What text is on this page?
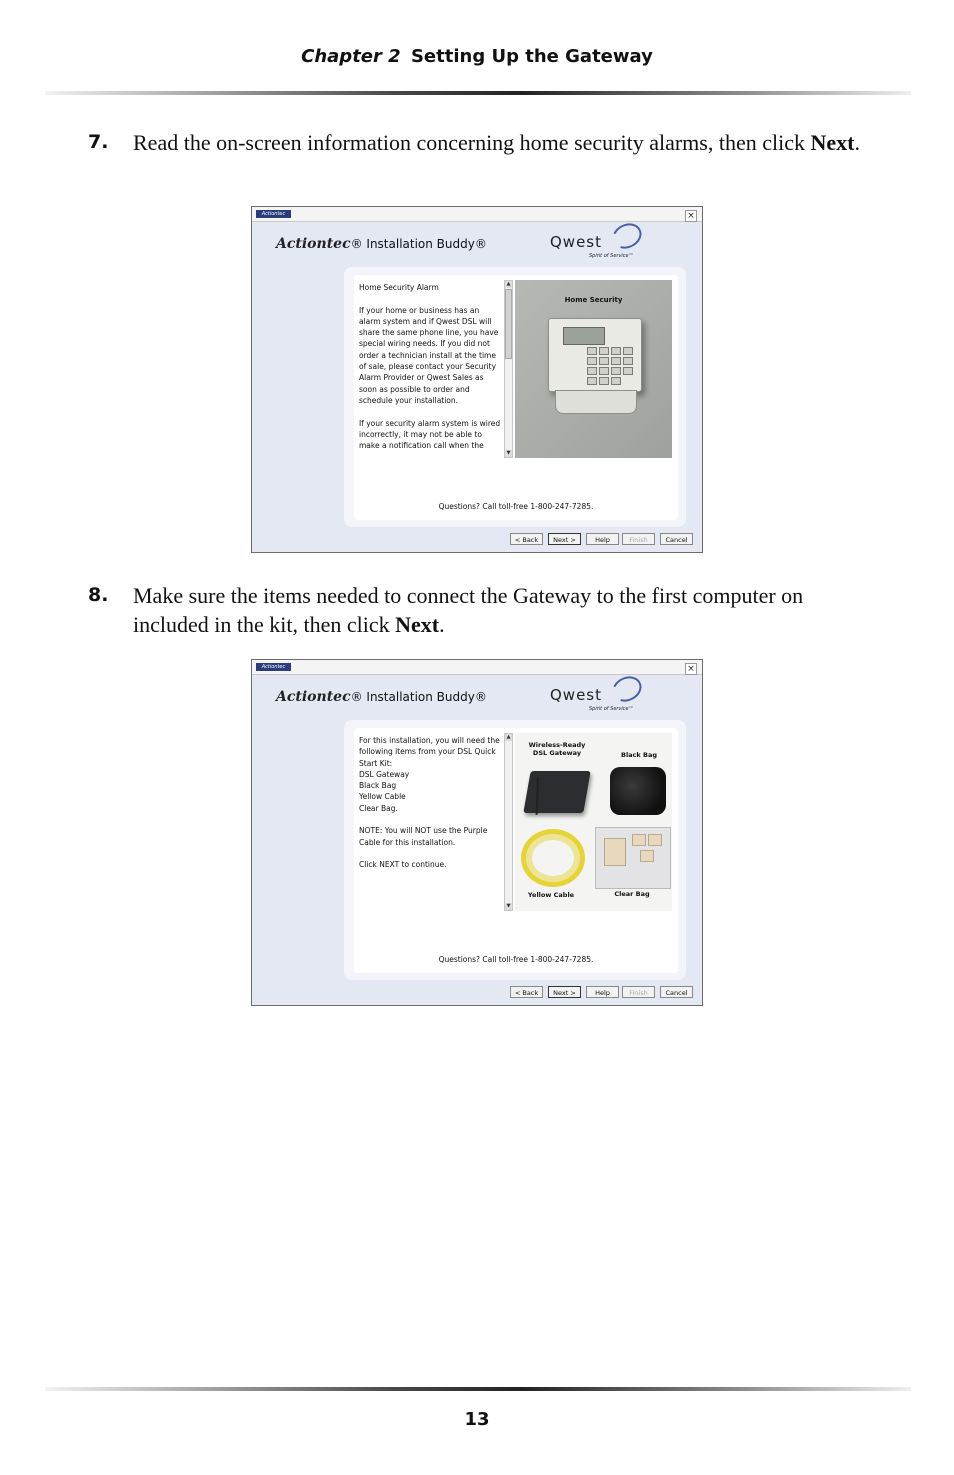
Chapter 2 Setting Up the Gateway
7. Read the on-screen information concerning home security alarms, then click Next.
Actiontec	×
Actiontec® Installation Buddy®	Qwest
Spirit of Service™
Home Security Alarm

If your home or business has an alarm system and if Qwest DSL will share the same phone line, you have special wiring needs. If you did not order a technician install at the time of sale, please contact your Security Alarm Provider or Qwest Sales as soon as possible to order and schedule your installation.

If your security alarm system is wired incorrectly, it may not be able to make a notification call when the
▲
▼
Home Security
Questions? Call toll-free 1-800-247-7285.
< Back	Next >	Help	Finish	Cancel
8. Make sure the items needed to connect the Gateway to the first computer on included in the kit, then click Next.
Actiontec	×
Actiontec® Installation Buddy®	Qwest
Spirit of Service™
For this installation, you will need the following items from your DSL Quick Start Kit:
DSL Gateway
Black Bag
Yellow Cable
Clear Bag.

NOTE: You will NOT use the Purple Cable for this installation.

Click NEXT to continue.
▲
▼
Wireless-Ready DSL Gateway	Black Bag
Yellow Cable	Clear Bag
Questions? Call toll-free 1-800-247-7285.
< Back	Next >	Help	Finish	Cancel
13
